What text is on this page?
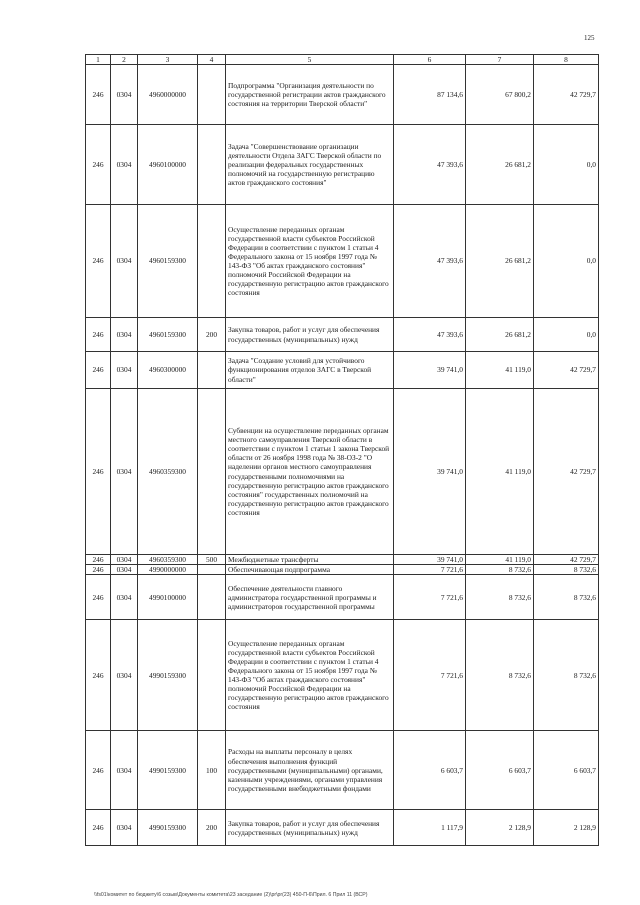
125
1	2	3	4	5	6	7	8
246	0304	4960000000		Подпрограмма "Организация деятельности по государственной регистрации актов гражданского состояния на территории Тверской области"	87 134,6	67 800,2	42 729,7
246	0304	4960100000		Задача "Совершенствование организации деятельности Отдела ЗАГС Тверской области по реализации федеральных государственных полномочий на государственную регистрацию актов гражданского состояния"	47 393,6	26 681,2	0,0
246	0304	4960159300		Осуществление переданных органам государственной власти субъектов Российской Федерации в соответствии с пунктом 1 статьи 4 Федерального закона от 15 ноября 1997 года № 143-ФЗ "Об актах гражданского состояния" полномочий Российской Федерации на государственную регистрацию актов гражданского состояния	47 393,6	26 681,2	0,0
246	0304	4960159300	200	Закупка товаров, работ и услуг для обеспечения государственных (муниципальных) нужд	47 393,6	26 681,2	0,0
246	0304	4960300000		Задача "Создание условий для устойчивого функционирования отделов ЗАГС в Тверской области"	39 741,0	41 119,0	42 729,7
246	0304	4960359300		Субвенции на осуществление переданных органам местного самоуправления Тверской области в соответствии с пунктом 1 статьи 1 закона Тверской области от 26 ноября 1998 года № 38-ОЗ-2 "О наделении органов местного самоуправления государственными полномочиями на государственную регистрацию актов гражданского состояния" государственных полномочий на государственную регистрацию актов гражданского состояния	39 741,0	41 119,0	42 729,7
246	0304	4960359300	500	Межбюджетные трансферты	39 741,0	41 119,0	42 729,7
246	0304	4990000000		Обеспечивающая подпрограмма	7 721,6	8 732,6	8 732,6
246	0304	4990100000		Обеспечение деятельности главного администратора государственной программы и администраторов государственной программы	7 721,6	8 732,6	8 732,6
246	0304	4990159300		Осуществление переданных органам государственной власти субъектов Российской Федерации в соответствии с пунктом 1 статьи 4 Федерального закона от 15 ноября 1997 года № 143-ФЗ "Об актах гражданского состояния" полномочий Российской Федерации на государственную регистрацию актов гражданского состояния	7 721,6	8 732,6	8 732,6
246	0304	4990159300	100	Расходы на выплаты персоналу в целях обеспечения выполнения функций государственными (муниципальными) органами, казенными учреждениями, органами управления государственными внебюджетными фондами	6 603,7	6 603,7	6 603,7
246	0304	4990159300	200	Закупка товаров, работ и услуг для обеспечения государственных (муниципальных) нужд	1 117,9	2 128,9	2 128,9
\\fs01\комитет по бюджету\6 созыв\Документы комитета\23 заседание (2)\pr\pr(23) 450-П-6\Прил. 6 Прил 11 (ВСР)
